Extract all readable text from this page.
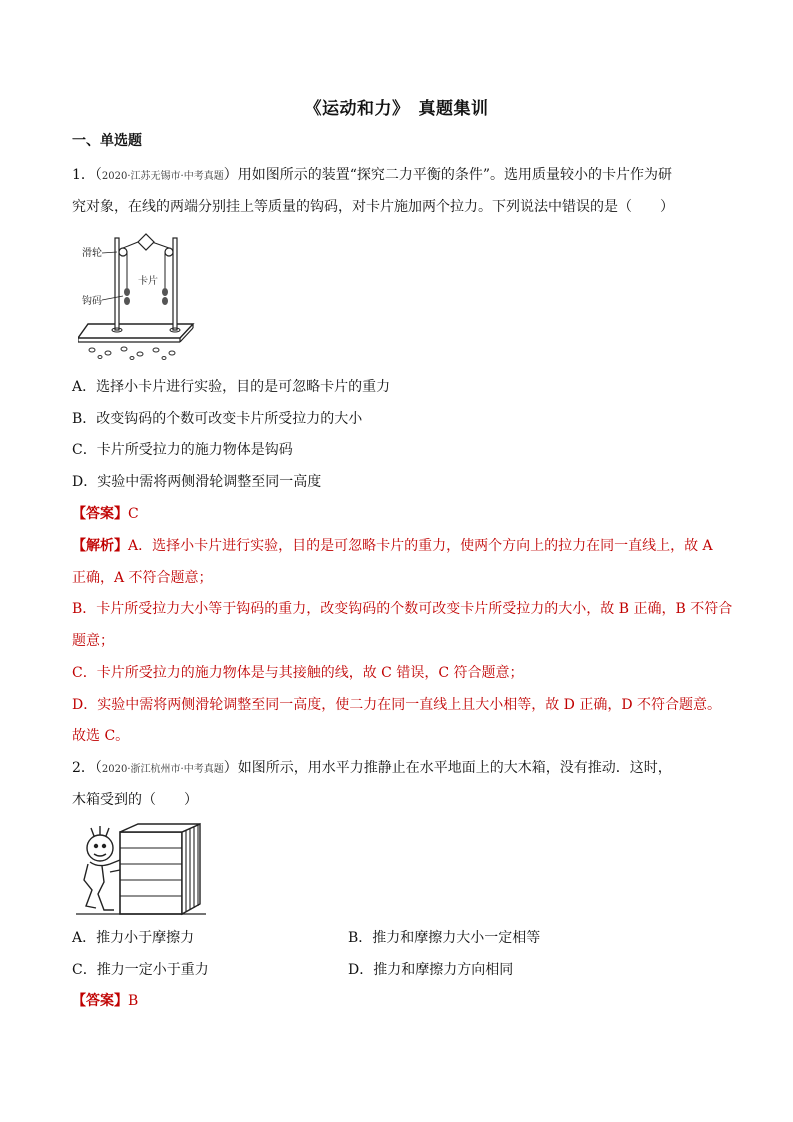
《运动和力》　真题集训
一、单选题
1．（2020·江苏无锡市·中考真题）用如图所示的装置“探究二力平衡的条件”。选用质量较小的卡片作为研
究对象，在线的两端分别挂上等质量的钩码，对卡片施加两个拉力。下列说法中错误的是（　　）
滑轮
卡片
钩码
A．选择小卡片进行实验，目的是可忽略卡片的重力
B．改变钩码的个数可改变卡片所受拉力的大小
C．卡片所受拉力的施力物体是钩码
D．实验中需将两侧滑轮调整至同一高度
【答案】C
【解析】A．选择小卡片进行实验，目的是可忽略卡片的重力，使两个方向上的拉力在同一直线上，故 A
正确，A 不符合题意；
B．卡片所受拉力大小等于钩码的重力，改变钩码的个数可改变卡片所受拉力的大小，故 B 正确，B 不符合
题意；
C．卡片所受拉力的施力物体是与其接触的线，故 C 错误，C 符合题意；
D．实验中需将两侧滑轮调整至同一高度，使二力在同一直线上且大小相等，故 D 正确，D 不符合题意。
故选 C。
2．（2020·浙江杭州市·中考真题）如图所示，用水平力推静止在水平地面上的大木箱，没有推动．这时，
木箱受到的（　　）
A．推力小于摩擦力	B．推力和摩擦力大小一定相等
C．推力一定小于重力	D．推力和摩擦力方向相同
【答案】B
